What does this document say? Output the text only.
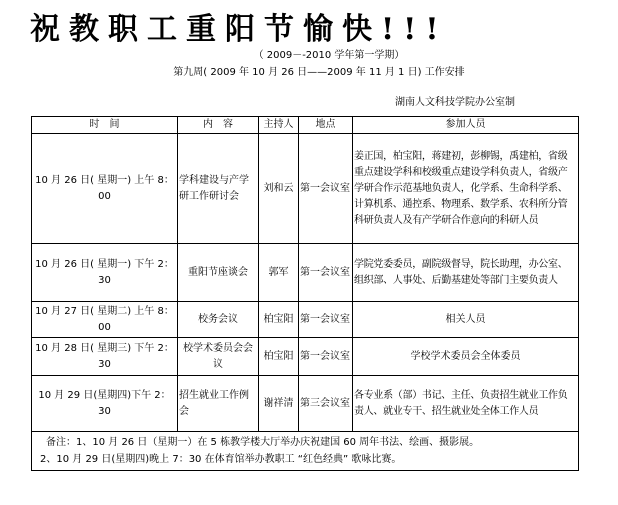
祝教职工重阳节愉快!!!
（ 2009－-2010 学年第一学期）
第九周( 2009 年 10 月 26 日——2009 年 11 月 1 日) 工作安排
湖南人文科技学院办公室制
时　间	内　容	主持人	地点	参加人员
10 月 26 日( 星期一) 上午 8：00	学科建设与产学研工作研讨会	刘和云	第一会议室	姜正国，柏宝阳，蒋建初，彭柳锡，禹建柏，省级重点建设学科和校级重点建设学科负责人，省级产学研合作示范基地负责人，化学系、生命科学系、计算机系、通控系、物理系、数学系、农科所分管科研负责人及有产学研合作意向的科研人员
10 月 26 日( 星期一) 下午 2：30	重阳节座谈会	郭军	第一会议室	学院党委委员，副院级督导，院长助理，办公室、组织部、人事处、后勤基建处等部门主要负责人
10 月 27 日( 星期二) 上午 8：00	校务会议	柏宝阳	第一会议室	相关人员
10 月 28 日( 星期三) 下午 2：30	校学术委员会会议	柏宝阳	第一会议室	学校学术委员会全体委员
10 月 29 日(星期四)下午 2：30	招生就业工作例会	谢祥清	第三会议室	各专业系（部）书记、主任、负责招生就业工作负责人、就业专干、招生就业处全体工作人员

备注：1、10 月 26 日（星期一）在 5 栋教学楼大厅举办庆祝建国 60 周年书法、绘画、摄影展。
2、10 月 29 日(星期四)晚上 7：30 在体育馆举办教职工 “红色经典” 歌咏比赛。				
